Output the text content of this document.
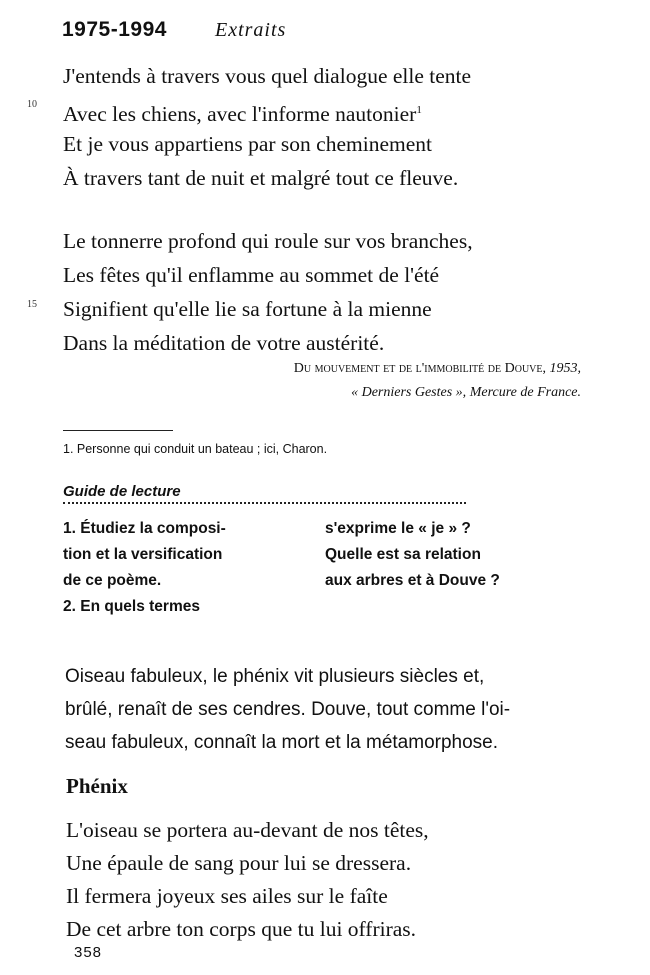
1975-1994 Extraits
J'entends à travers vous quel dialogue elle tente
10 Avec les chiens, avec l'informe nautonier$^1$
Et je vous appartiens par son cheminement
À travers tant de nuit et malgré tout ce fleuve.
Le tonnerre profond qui roule sur vos branches,
Les fêtes qu'il enflamme au sommet de l'été
15 Signifient qu'elle lie sa fortune à la mienne
Dans la méditation de votre austérité.
Du mouvement et de l'immobilité de Douve, 1953,
« Derniers Gestes », Mercure de France.
1. Personne qui conduit un bateau ; ici, Charon.
Guide de lecture
1. Étudiez la composi-
tion et la versification
de ce poème.
2. En quels termes
s'exprime le « je » ?
Quelle est sa relation
aux arbres et à Douve ?
Oiseau fabuleux, le phénix vit plusieurs siècles et,
brûlé, renaît de ses cendres. Douve, tout comme l'oi-
seau fabuleux, connaît la mort et la métamorphose.
Phénix
L'oiseau se portera au-devant de nos têtes,
Une épaule de sang pour lui se dressera.
Il fermera joyeux ses ailes sur le faîte
De cet arbre ton corps que tu lui offriras.
358
